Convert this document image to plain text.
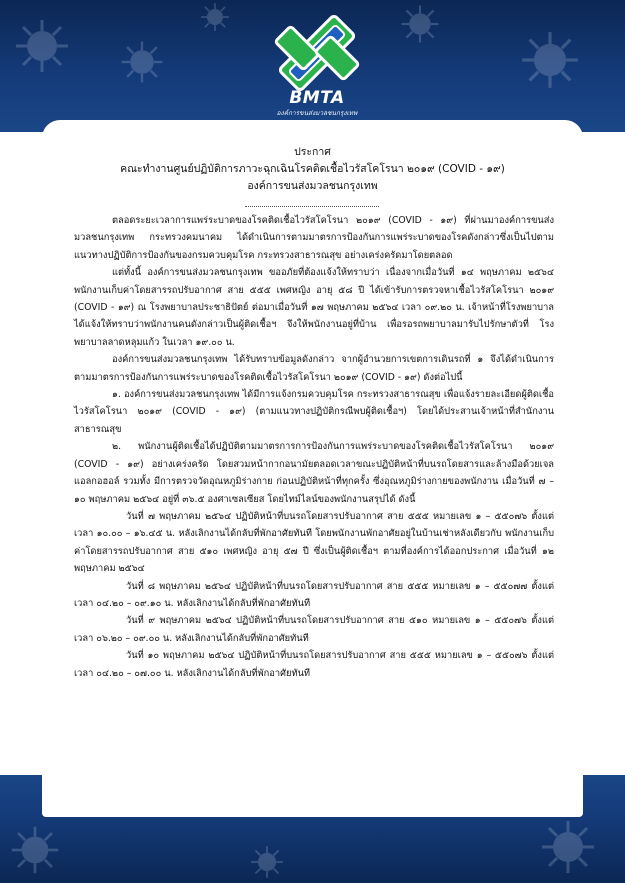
BMTA
องค์การขนส่งมวลชนกรุงเทพ
ประกาศ
คณะทำงานศูนย์ปฏิบัติการภาวะฉุกเฉินโรคติดเชื้อไวรัสโคโรนา ๒๐๑๙ (COVID - ๑๙)
องค์การขนส่งมวลชนกรุงเทพ

ตลอดระยะเวลาการแพร่ระบาดของโรคติดเชื้อไวรัสโคโรนา ๒๐๑๙ (COVID - ๑๙) ที่ผ่านมาองค์การขนส่งมวลชนกรุงเทพ กระทรวงคมนาคม ได้ดำเนินการตามมาตรการป้องกันการแพร่ระบาดของโรคดังกล่าวซึ่งเป็นไปตามแนวทางปฏิบัติการป้องกันของกรมควบคุมโรค กระทรวงสาธารณสุข อย่างเคร่งครัดมาโดยตลอด

แต่ทั้งนี้ องค์การขนส่งมวลชนกรุงเทพ ขออภัยที่ต้องแจ้งให้ทราบว่า เนื่องจากเมื่อวันที่ ๑๔ พฤษภาคม ๒๕๖๔ พนักงานเก็บค่าโดยสารรถปรับอากาศ สาย ๕๕๕ เพศหญิง อายุ ๕๘ ปี ได้เข้ารับการตรวจหาเชื้อไวรัสโคโรนา ๒๐๑๙ (COVID - ๑๙) ณ โรงพยาบาลประชาธิปัตย์ ต่อมาเมื่อวันที่ ๑๗ พฤษภาคม ๒๕๖๔ เวลา ๐๙.๒๐ น. เจ้าหน้าที่โรงพยาบาล ได้แจ้งให้ทราบว่าพนักงานคนดังกล่าวเป็นผู้ติดเชื้อฯ จึงให้พนักงานอยู่ที่บ้าน เพื่อรอรถพยาบาลมารับไปรักษาตัวที่ โรงพยาบาลลาดหลุมแก้ว ในเวลา ๑๙.๐๐ น.

องค์การขนส่งมวลชนกรุงเทพ ได้รับทราบข้อมูลดังกล่าว จากผู้อำนวยการเขตการเดินรถที่ ๑ จึงได้ดำเนินการตามมาตรการป้องกันการแพร่ระบาดของโรคติดเชื้อไวรัสโคโรนา ๒๐๑๙ (COVID - ๑๙) ดังต่อไปนี้

๑. องค์การขนส่งมวลชนกรุงเทพ ได้มีการแจ้งกรมควบคุมโรค กระทรวงสาธารณสุข เพื่อแจ้งรายละเอียดผู้ติดเชื้อไวรัสโคโรนา ๒๐๑๙ (COVID - ๑๙) (ตามแนวทางปฏิบัติกรณีพบผู้ติดเชื้อฯ) โดยได้ประสานเจ้าหน้าที่สำนักงานสาธารณสุข

๒. พนักงานผู้ติดเชื้อได้ปฏิบัติตามมาตรการการป้องกันการแพร่ระบาดของโรคติดเชื้อไวรัสโคโรนา ๒๐๑๙ (COVID - ๑๙) อย่างเคร่งครัด โดยสวมหน้ากากอนามัยตลอดเวลาขณะปฏิบัติหน้าที่บนรถโดยสารและล้างมือด้วยเจลแอลกอฮอล์ รวมทั้ง มีการตรวจวัดอุณหภูมิร่างกาย ก่อนปฏิบัติหน้าที่ทุกครั้ง ซึ่งอุณหภูมิร่างกายของพนักงาน เมื่อวันที่ ๗ – ๑๐ พฤษภาคม ๒๕๖๔ อยู่ที่ ๓๖.๕ องศาเซลเซียส โดยไทม์ไลน์ของพนักงานสรุปได้ ดังนี้

วันที่ ๗ พฤษภาคม ๒๕๖๔ ปฏิบัติหน้าที่บนรถโดยสารปรับอากาศ สาย ๕๕๕ หมายเลข ๑ – ๕๕๐๗๖ ตั้งแต่เวลา ๑๐.๐๐ – ๑๖.๔๕ น. หลังเลิกงานได้กลับที่พักอาศัยทันที โดยพนักงานพักอาศัยอยู่ในบ้านเช่าหลังเดียวกับ พนักงานเก็บค่าโดยสารรถปรับอากาศ สาย ๕๑๐ เพศหญิง อายุ ๕๗ ปี ซึ่งเป็นผู้ติดเชื้อฯ ตามที่องค์การได้ออกประกาศ เมื่อวันที่ ๑๒ พฤษภาคม ๒๕๖๔

วันที่ ๘ พฤษภาคม ๒๕๖๔ ปฏิบัติหน้าที่บนรถโดยสารปรับอากาศ สาย ๕๕๕ หมายเลข ๑ – ๕๕๐๗๗ ตั้งแต่เวลา ๐๔.๒๐ – ๐๙.๑๐ น. หลังเลิกงานได้กลับที่พักอาศัยทันที

วันที่ ๙ พฤษภาคม ๒๕๖๔ ปฏิบัติหน้าที่บนรถโดยสารปรับอากาศ สาย ๕๑๐ หมายเลข ๑ – ๕๕๐๗๖ ตั้งแต่เวลา ๐๖.๒๐ – ๐๙.๐๐ น. หลังเลิกงานได้กลับที่พักอาศัยทันที

วันที่ ๑๐ พฤษภาคม ๒๕๖๔ ปฏิบัติหน้าที่บนรถโดยสารปรับอากาศ สาย ๕๕๕ หมายเลข ๑ – ๕๕๐๗๖ ตั้งแต่เวลา ๐๔.๒๐ – ๐๗.๐๐ น. หลังเลิกงานได้กลับที่พักอาศัยทันที
